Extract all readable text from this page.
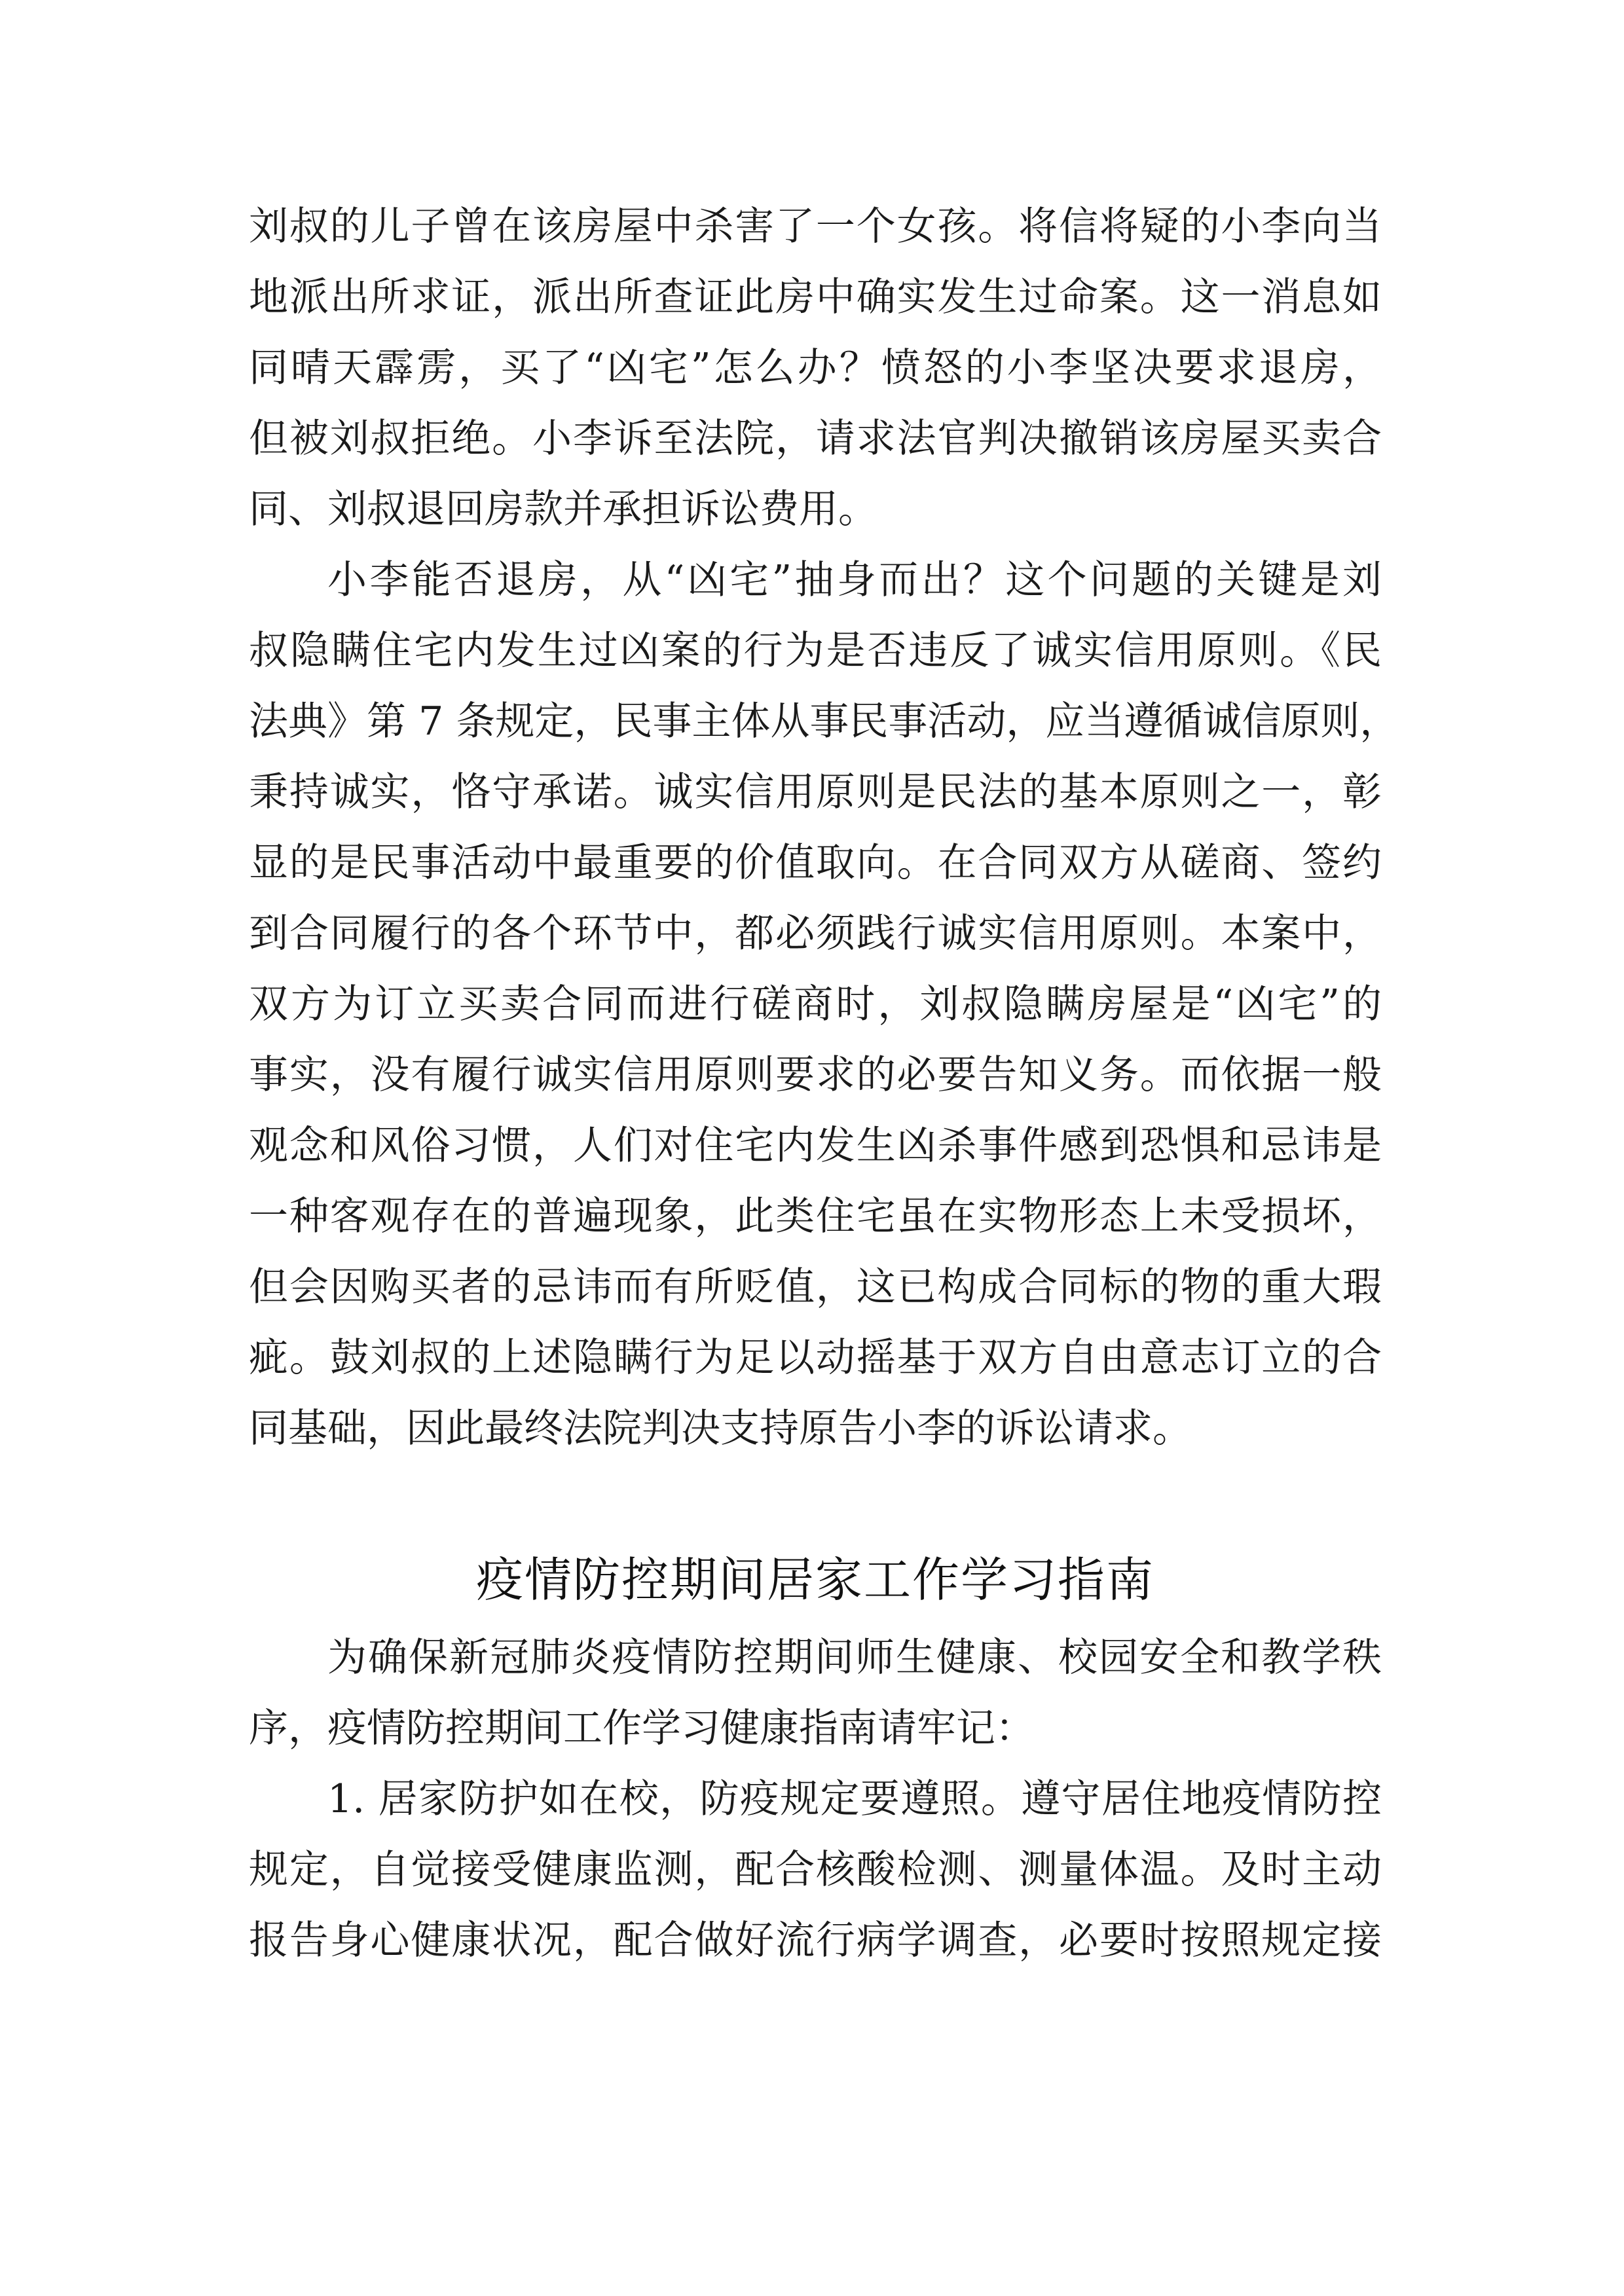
刘叔的儿子曾在该房屋中杀害了一个女孩。将信将疑的小李向当
地派出所求证，派出所查证此房中确实发生过命案。这一消息如
同晴天霹雳，买了“凶宅”怎么办？愤怒的小李坚决要求退房，
但被刘叔拒绝。小李诉至法院，请求法官判决撤销该房屋买卖合
同、刘叔退回房款并承担诉讼费用。
小李能否退房，从“凶宅”抽身而出？这个问题的关键是刘
叔隐瞒住宅内发生过凶案的行为是否违反了诚实信用原则。《民
法典》第 7 条规定，民事主体从事民事活动，应当遵循诚信原则，
秉持诚实，恪守承诺。诚实信用原则是民法的基本原则之一，彰
显的是民事活动中最重要的价值取向。在合同双方从磋商、签约
到合同履行的各个环节中，都必须践行诚实信用原则。本案中，
双方为订立买卖合同而进行磋商时，刘叔隐瞒房屋是“凶宅”的
事实，没有履行诚实信用原则要求的必要告知义务。而依据一般
观念和风俗习惯，人们对住宅内发生凶杀事件感到恐惧和忌讳是
一种客观存在的普遍现象，此类住宅虽在实物形态上未受损坏，
但会因购买者的忌讳而有所贬值，这已构成合同标的物的重大瑕
疵。鼓刘叔的上述隐瞒行为足以动摇基于双方自由意志订立的合
同基础，因此最终法院判决支持原告小李的诉讼请求。
疫情防控期间居家工作学习指南
为确保新冠肺炎疫情防控期间师生健康、校园安全和教学秩
序，疫情防控期间工作学习健康指南请牢记：
1. 居家防护如在校，防疫规定要遵照。遵守居住地疫情防控
规定，自觉接受健康监测，配合核酸检测、测量体温。及时主动
报告身心健康状况，配合做好流行病学调查，必要时按照规定接
